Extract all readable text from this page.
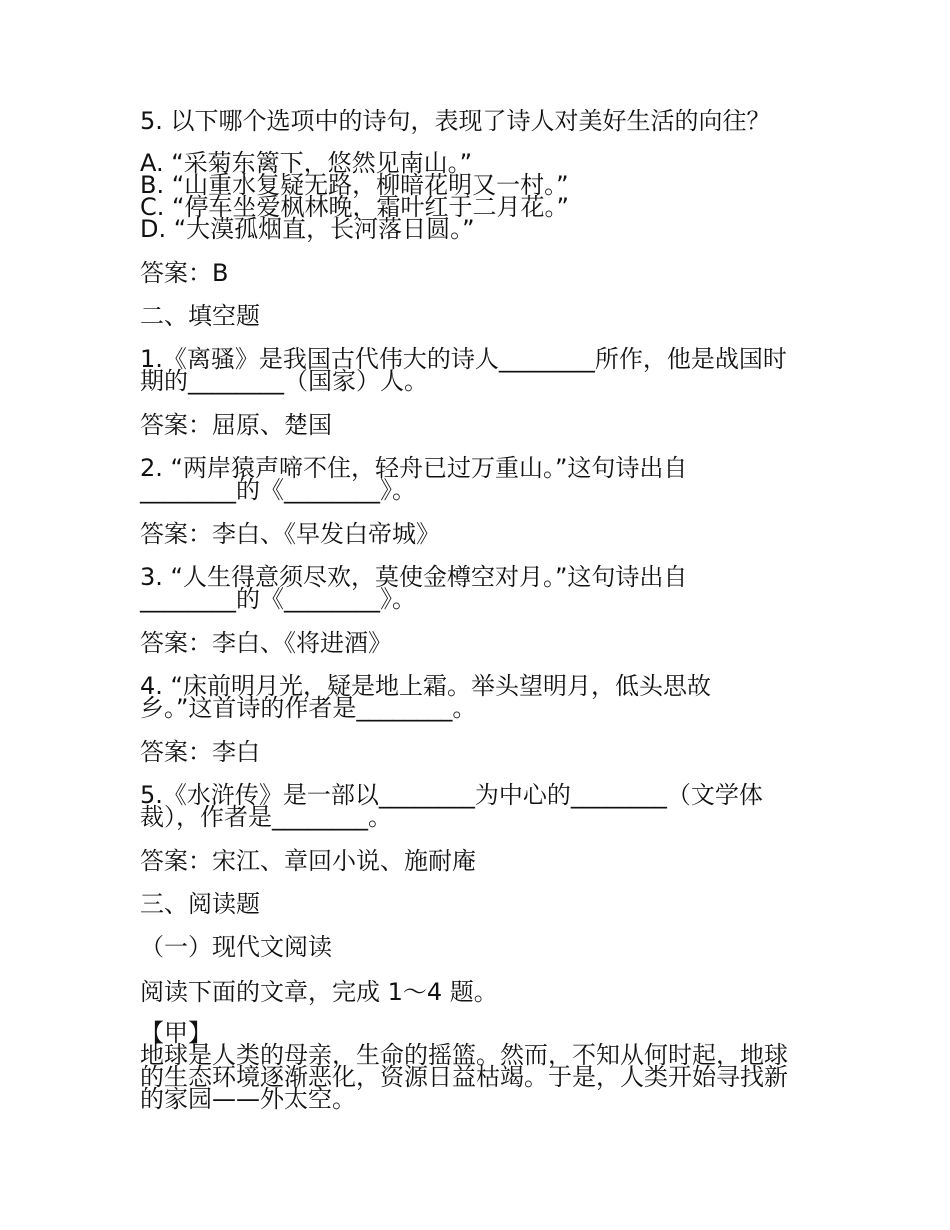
5. 以下哪个选项中的诗句，表现了诗人对美好生活的向往？
A. “采菊东篱下，悠然见南山。”
B. “山重水复疑无路，柳暗花明又一村。”
C. “停车坐爱枫林晚，霜叶红于二月花。”
D. “大漠孤烟直，长河落日圆。”
答案：B
二、填空题
1.《离骚》是我国古代伟大的诗人________所作，他是战国时
期的________（国家）人。
答案：屈原、楚国
2. “两岸猿声啼不住，轻舟已过万重山。”这句诗出自
________的《________》。
答案：李白、《早发白帝城》
3. “人生得意须尽欢，莫使金樽空对月。”这句诗出自
________的《________》。
答案：李白、《将进酒》
4. “床前明月光，疑是地上霜。举头望明月，低头思故
乡。”这首诗的作者是________。
答案：李白
5.《水浒传》是一部以________为中心的________（文学体
裁），作者是________。
答案：宋江、章回小说、施耐庵
三、阅读题
（一）现代文阅读
阅读下面的文章，完成 1～4 题。
【甲】
地球是人类的母亲，生命的摇篮。然而，不知从何时起，地球
的生态环境逐渐恶化，资源日益枯竭。于是，人类开始寻找新
的家园——外太空。
